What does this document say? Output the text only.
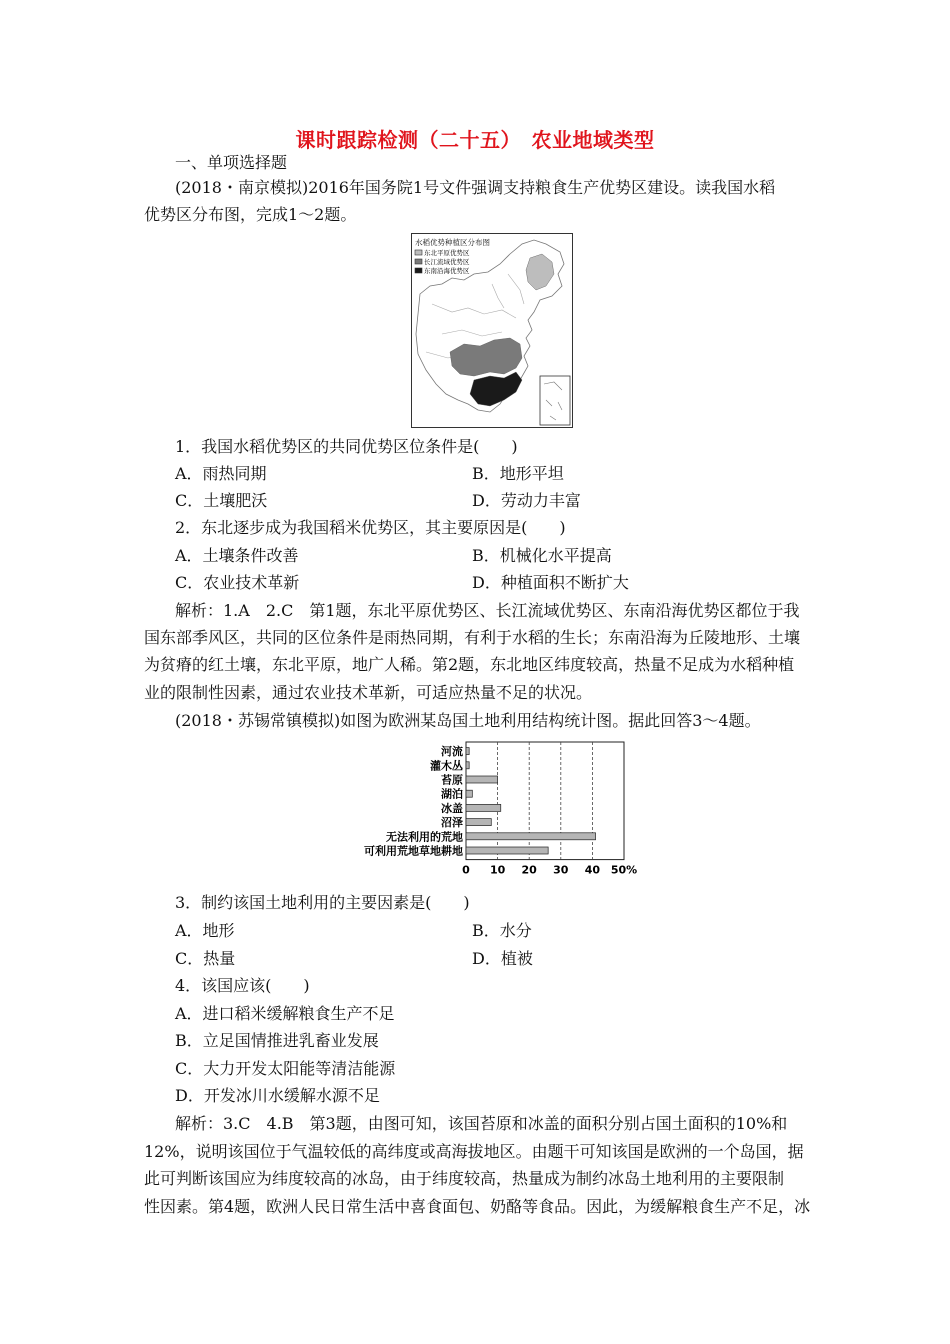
课时跟踪检测（二十五）　农业地域类型
一、单项选择题
(2018・南京模拟)2016年国务院1号文件强调支持粮食生产优势区建设。读我国水稻
优势区分布图，完成1～2题。
水稻优势种植区分布图
东北平原优势区
长江流域优势区
东南沿海优势区
1．我国水稻优势区的共同优势区位条件是(　　)
A．雨热同期	B．地形平坦
C．土壤肥沃	D．劳动力丰富
2．东北逐步成为我国稻米优势区，其主要原因是(　　)
A．土壤条件改善	B．机械化水平提高
C．农业技术革新	D．种植面积不断扩大
解析：1.A　2.C　第1题，东北平原优势区、长江流域优势区、东南沿海优势区都位于我
国东部季风区，共同的区位条件是雨热同期，有利于水稻的生长；东南沿海为丘陵地形、土壤
为贫瘠的红土壤，东北平原，地广人稀。第2题，东北地区纬度较高，热量不足成为水稻种植
业的限制性因素，通过农业技术革新，可适应热量不足的状况。
(2018・苏锡常镇模拟)如图为欧洲某岛国土地利用结构统计图。据此回答3～4题。
0 10 20 30 40 50%
河流
灌木丛
苔原
湖泊
冰盖
沼泽
无法利用的荒地
可利用荒地草地耕地
3．制约该国土地利用的主要因素是(　　)
A．地形	B．水分
C．热量	D．植被
4．该国应该(　　)
A．进口稻米缓解粮食生产不足
B．立足国情推进乳畜业发展
C．大力开发太阳能等清洁能源
D．开发冰川水缓解水源不足
解析：3.C　4.B　第3题，由图可知，该国苔原和冰盖的面积分别占国土面积的10%和
12%，说明该国位于气温较低的高纬度或高海拔地区。由题干可知该国是欧洲的一个岛国，据
此可判断该国应为纬度较高的冰岛，由于纬度较高，热量成为制约冰岛土地利用的主要限制
性因素。第4题，欧洲人民日常生活中喜食面包、奶酪等食品。因此，为缓解粮食生产不足，冰
